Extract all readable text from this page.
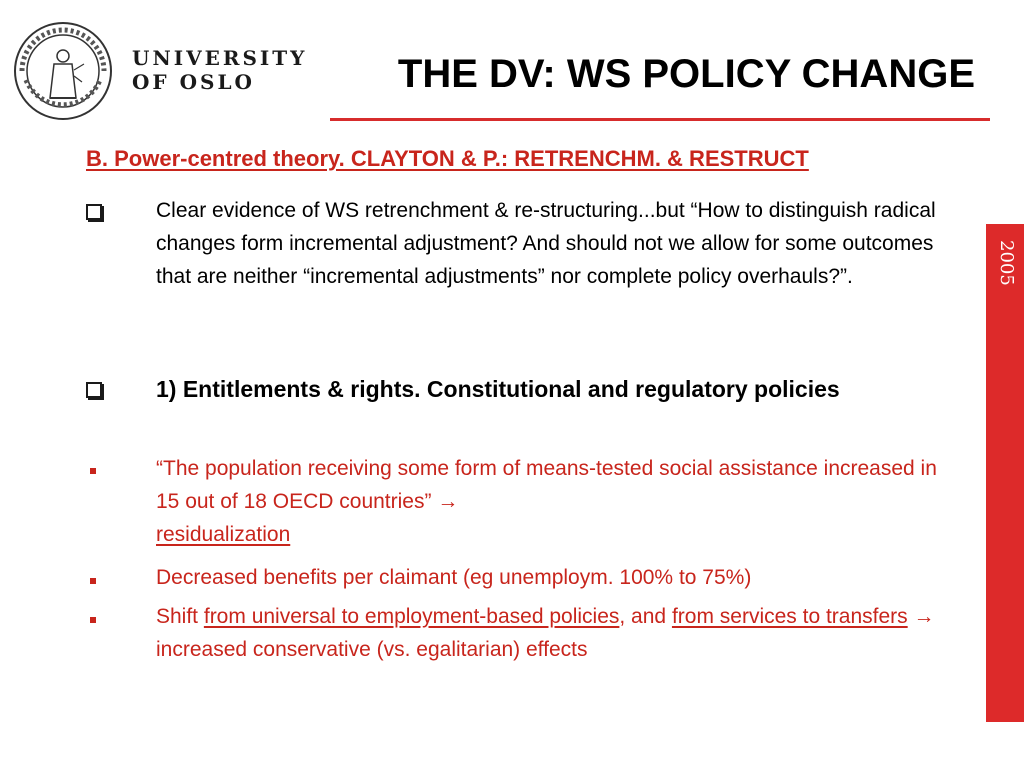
UNIVERSITY
OF OSLO	THE DV: WS POLICY CHANGE
2005
B. Power-centred theory. CLAYTON & P.: RETRENCHM. & RESTRUCT
Clear evidence of WS retrenchment & re-structuring...but “How to distinguish radical changes form incremental adjustment? And should not we allow for some outcomes that are neither “incremental adjustments” nor complete policy overhauls?”.
1) Entitlements & rights. Constitutional and regulatory policies
“The population receiving some form of means-tested social assistance increased in 15 out of 18 OECD countries” →
residualization
Decreased benefits per claimant (eg unemploym. 100% to 75%)
Shift from universal to employment-based policies, and from services to transfers → increased conservative (vs. egalitarian) effects
